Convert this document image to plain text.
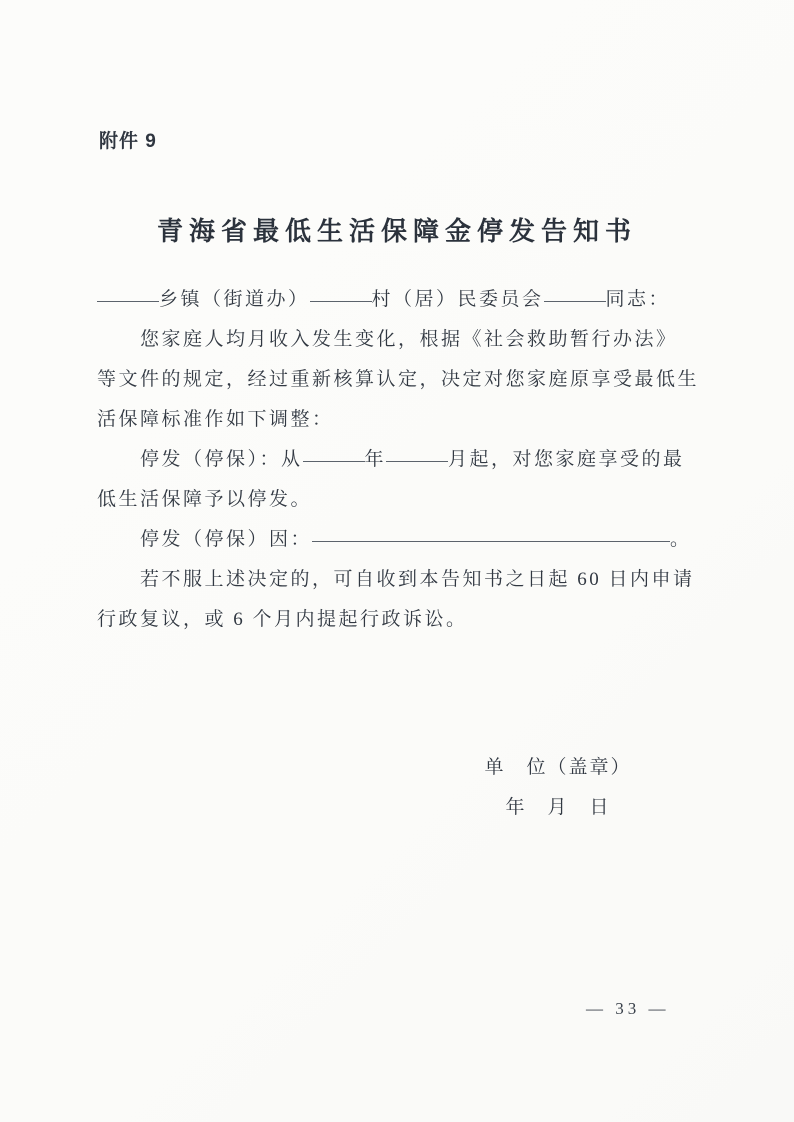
附件 9
青海省最低生活保障金停发告知书
乡镇（街道办）	村（居）民委员会	同志：
您家庭人均月收入发生变化，根据《社会救助暂行办法》
等文件的规定，经过重新核算认定，决定对您家庭原享受最低生
活保障标准作如下调整：
停发（停保）：从	年	月起，对您家庭享受的最
低生活保障予以停发。
停发（停保）因：	。
若不服上述决定的，可自收到本告知书之日起 60 日内申请
行政复议，或 6 个月内提起行政诉讼。
单　位（盖章）
年　月　日
— 33 —
